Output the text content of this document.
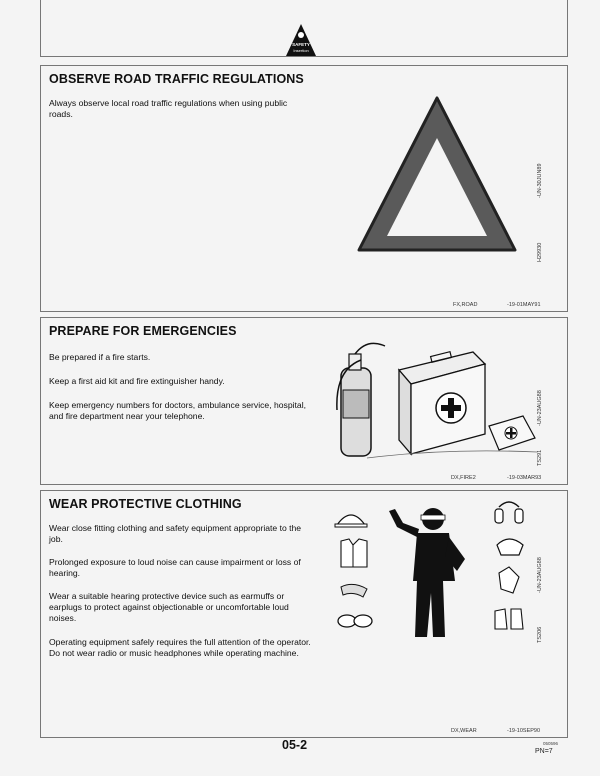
SAFETY
Insertion
OBSERVE ROAD TRAFFIC REGULATIONS

Always observe local road traffic regulations when using public roads.

-UN-30JUN89
H29930
FX,ROAD	-19-01MAY91
PREPARE FOR EMERGENCIES

Be prepared if a fire starts.

Keep a first aid kit and fire extinguisher handy.

Keep emergency numbers for doctors, ambulance service, hospital, and fire department near your telephone.	-UN-23AUG88
TS291
DX,FIRE2	-19-03MAR93
WEAR PROTECTIVE CLOTHING

Wear close fitting clothing and safety equipment appropriate to the job.

Prolonged exposure to loud noise can cause impairment or loss of hearing.

Wear a suitable hearing protective device such as earmuffs or earplugs to protect against objectionable or uncomfortable loud noises.

Operating equipment safely requires the full attention of the operator. Do not wear radio or music headphones while operating machine.

-UN-23AUG88
TS206
DX,WEAR	-19-10SEP90
05-2	050596
PN=7
